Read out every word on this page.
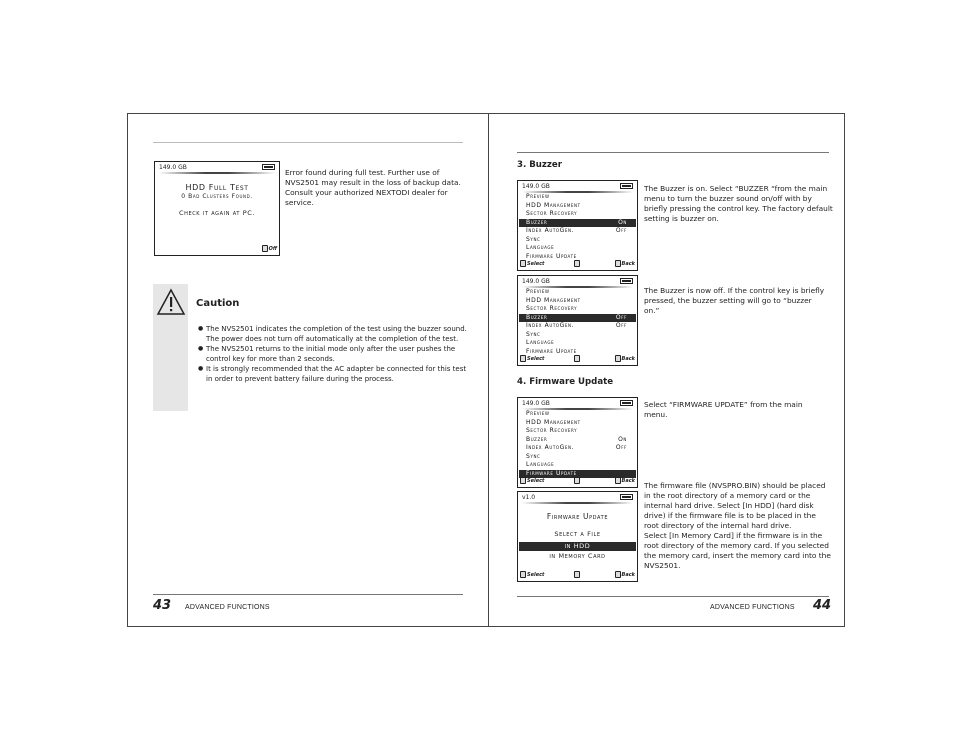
149.0 GB
HDD Full Test
0 Bad Clusters Found.
Check it again at PC.
Off
Error found during full test. Further use of NVS2501 may result in the loss of backup data. Consult your authorized NEXTODI dealer for service.
Caution
● The NVS2501 indicates the completion of the test using the buzzer sound. The power does not turn off automatically at the completion of the test.
● The NVS2501 returns to the initial mode only after the user pushes the control key for more than 2 seconds.
● It is strongly recommended that the AC adapter be connected for this test in order to prevent battery failure during the process.
43 ADVANCED FUNCTIONS
3. Buzzer
149.0 GB
Preview
HDD Management
Sector Recovery
Buzzer	On
Index AutoGen.	Off
Sync
Language
Firmware Update
Select	Back
The Buzzer is on. Select “BUZZER “from the main menu to turn the buzzer sound on/off with by briefly pressing the control key. The factory default setting is buzzer on.
149.0 GB
Preview
HDD Management
Sector Recovery
Buzzer	Off
Index AutoGen.	Off
Sync
Language
Firmware Update
Select	Back
The Buzzer is now off. If the control key is briefly pressed, the buzzer setting will go to “buzzer on.”
4. Firmware Update
149.0 GB
Preview
HDD Management
Sector Recovery
Buzzer	On
Index AutoGen.	Off
Sync
Language
Firmware Update
Select	Back
Select “FIRMWARE UPDATE” from the main menu.
v1.0
Firmware Update
Select a File
in HDD
in Memory Card
Select	Back
The firmware file (NVSPRO.BIN) should be placed in the root directory of a memory card or the internal hard drive. Select [In HDD] (hard disk drive) if the firmware file is to be placed in the root directory of the internal hard drive.
Select [In Memory Card] if the firmware is in the root directory of the memory card. If you selected the memory card, insert the memory card into the NVS2501.
ADVANCED FUNCTIONS 44
